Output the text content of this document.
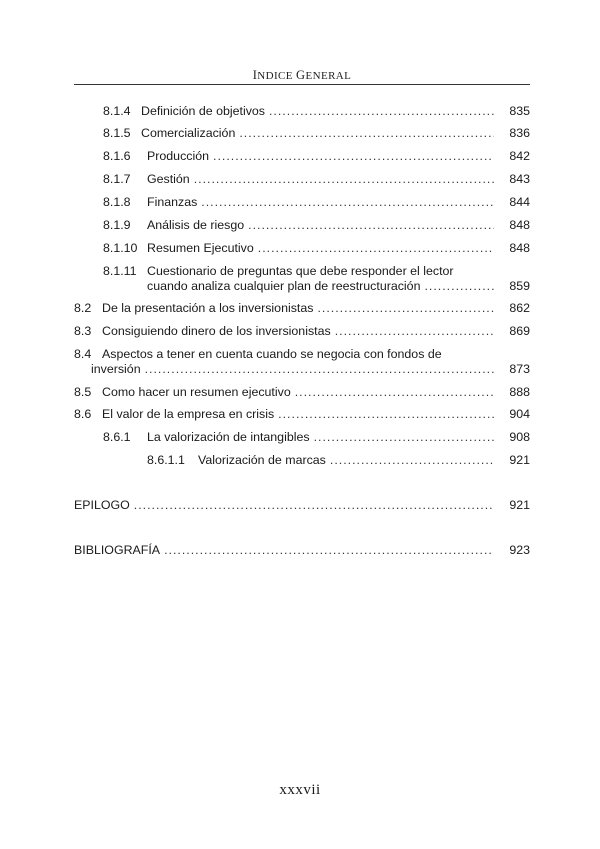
INDICE GENERAL
8.1.4 Definición de objetivos .....	835
8.1.5 Comercialización .....	836
8.1.6	Producción .....	842
8.1.7	Gestión .....	843
8.1.8	Finanzas .....	844
8.1.9	Análisis de riesgo .....	848
8.1.10 Resumen Ejecutivo .....	848
8.1.11 Cuestionario de preguntas que debe responder el lector
cuando analiza cualquier plan de reestructuración .....	859
8.2 De la presentación a los inversionistas .....	862
8.3 Consiguiendo dinero de los inversionistas .....	869
8.4 Aspectos a tener en cuenta cuando se negocia con fondos de
inversión .....	873
8.5 Como hacer un resumen ejecutivo .....	888
8.6 El valor de la empresa en crisis .....	904
8.6.1	La valorización de intangibles .....	908
8.6.1.1	Valorización de marcas .....	921
EPILOGO .....	921
BIBLIOGRAFÍA .....	923
xxxvii
